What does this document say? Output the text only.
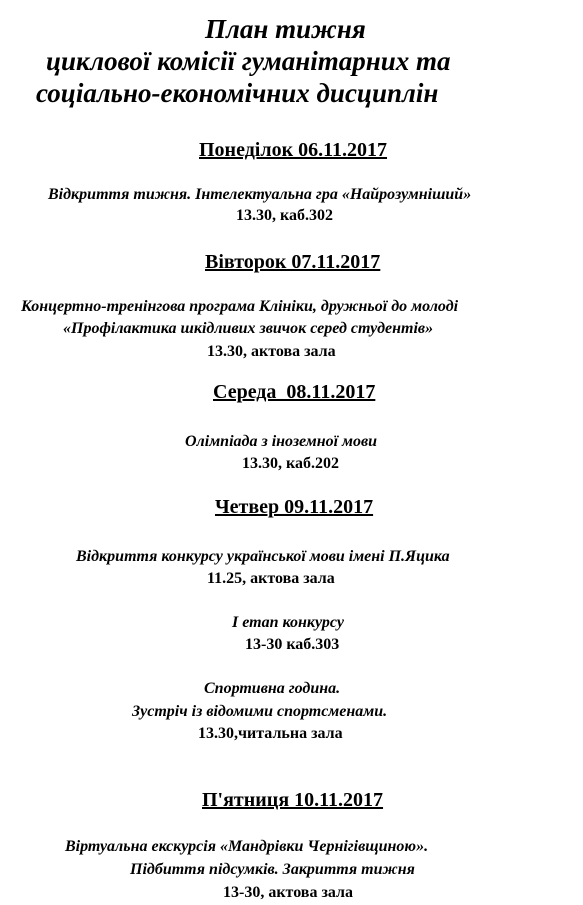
План тижня
циклової комісії гуманітарних та
соціально-економічних дисциплін
Понеділок 06.11.2017
Відкриття тижня. Інтелектуальна гра «Найрозумніший»
13.30, каб.302
Вівторок 07.11.2017
Концертно-тренінгова програма Клініки, дружньої до молоді
«Профілактика шкідливих звичок серед студентів»
13.30, актова зала
Середа  08.11.2017
Олімпіада з іноземної мови
13.30, каб.202
Четвер 09.11.2017
Відкриття конкурсу української мови імені П.Яцика
11.25, актова зала
І етап конкурсу
13-30 каб.303
Спортивна година.
Зустріч із відомими спортсменами.
13.30,читальна зала
П'ятниця 10.11.2017
Віртуальна екскурсія «Мандрівки Чернігівщиною».
Підбиття підсумків. Закриття тижня
13-30, актова зала
